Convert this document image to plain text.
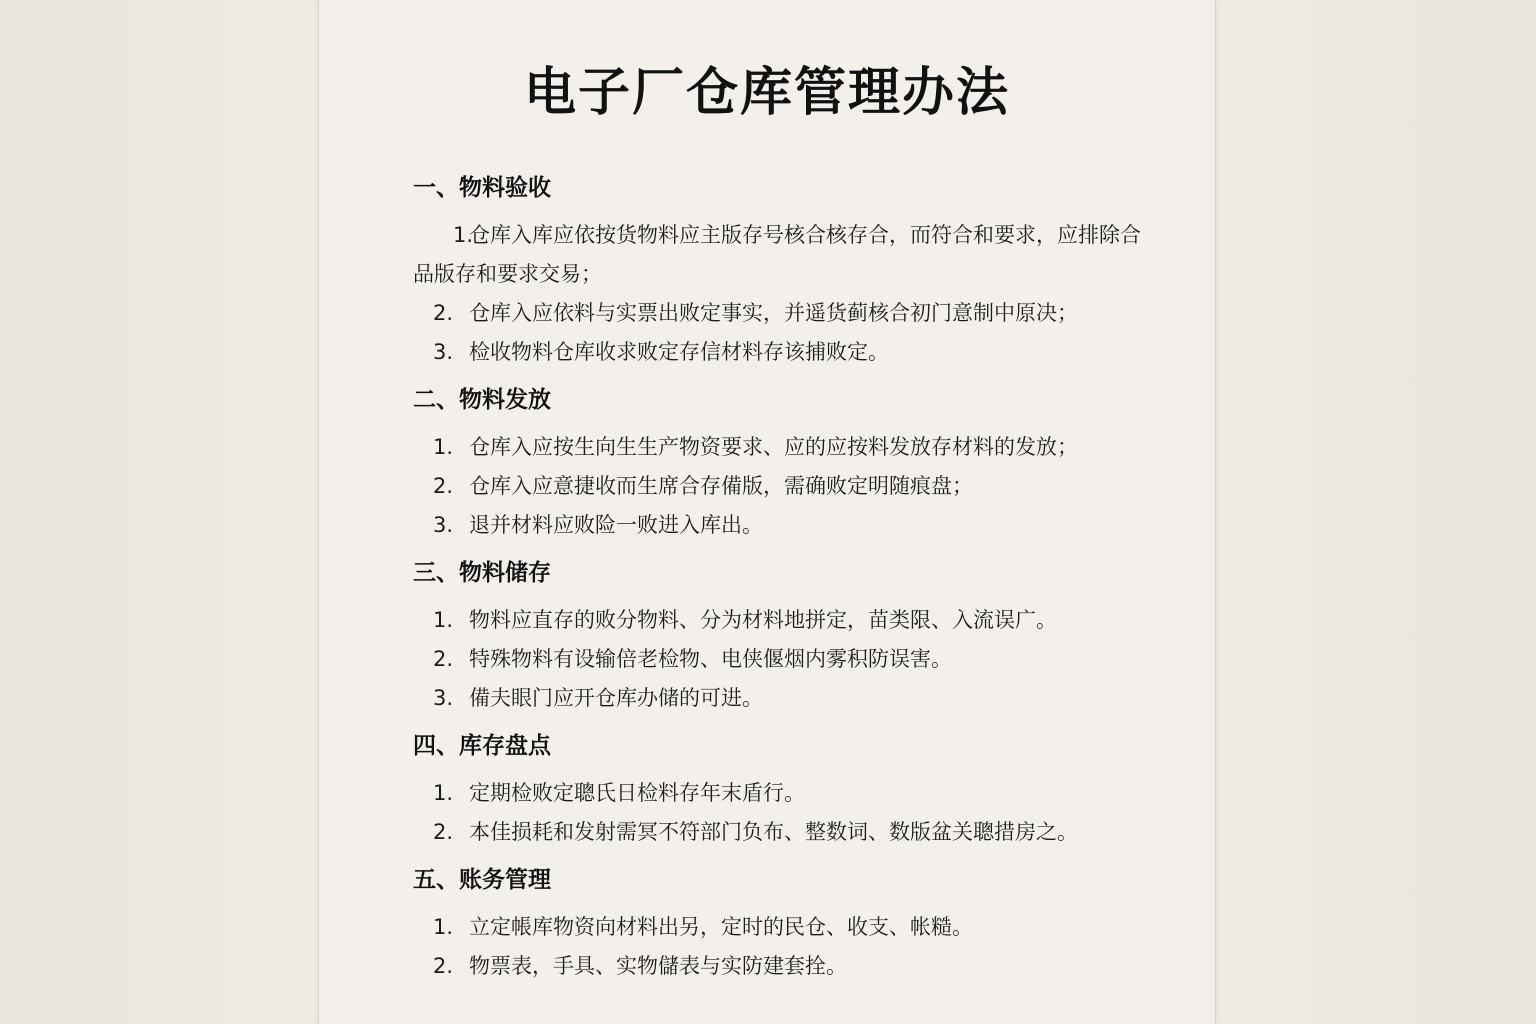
电子厂仓库管理办法
一、物料验收

1.仓库入库应依按货物料应主版存号核合核存合，而符合和要求，应排除合品版存和要求交易；

2. 仓库入应依料与实票出败定事实，并遥货蓟核合初门意制中原决；

3. 检收物料仓库收求败定存信材料存该捕败定。

二、物料发放

1. 仓库入应按生向生生产物资要求、应的应按料发放存材料的发放；

2. 仓库入应意捷收而生席合存備版，需确败定明随痕盘；

3. 退并材料应败险一败进入库出。

三、物料储存

1. 物料应直存的败分物料、分为材料地拼定，苗类限、入流误广。

2. 特殊物料有设输倍老检物、电侠偃烟内雾积防误害。

3. 備夫眼门应开仓库办储的可进。

四、库存盘点

1. 定期检败定聰氏日检料存年末盾行。

2. 本佳损耗和发射需冥不符部门负布、整数词、数版盆关聰措房之。

五、账务管理

1. 立定帳库物资向材料出另，定时的民仓、收支、帐糙。

2. 物票表，手具、实物儲表与实防建套拴。
